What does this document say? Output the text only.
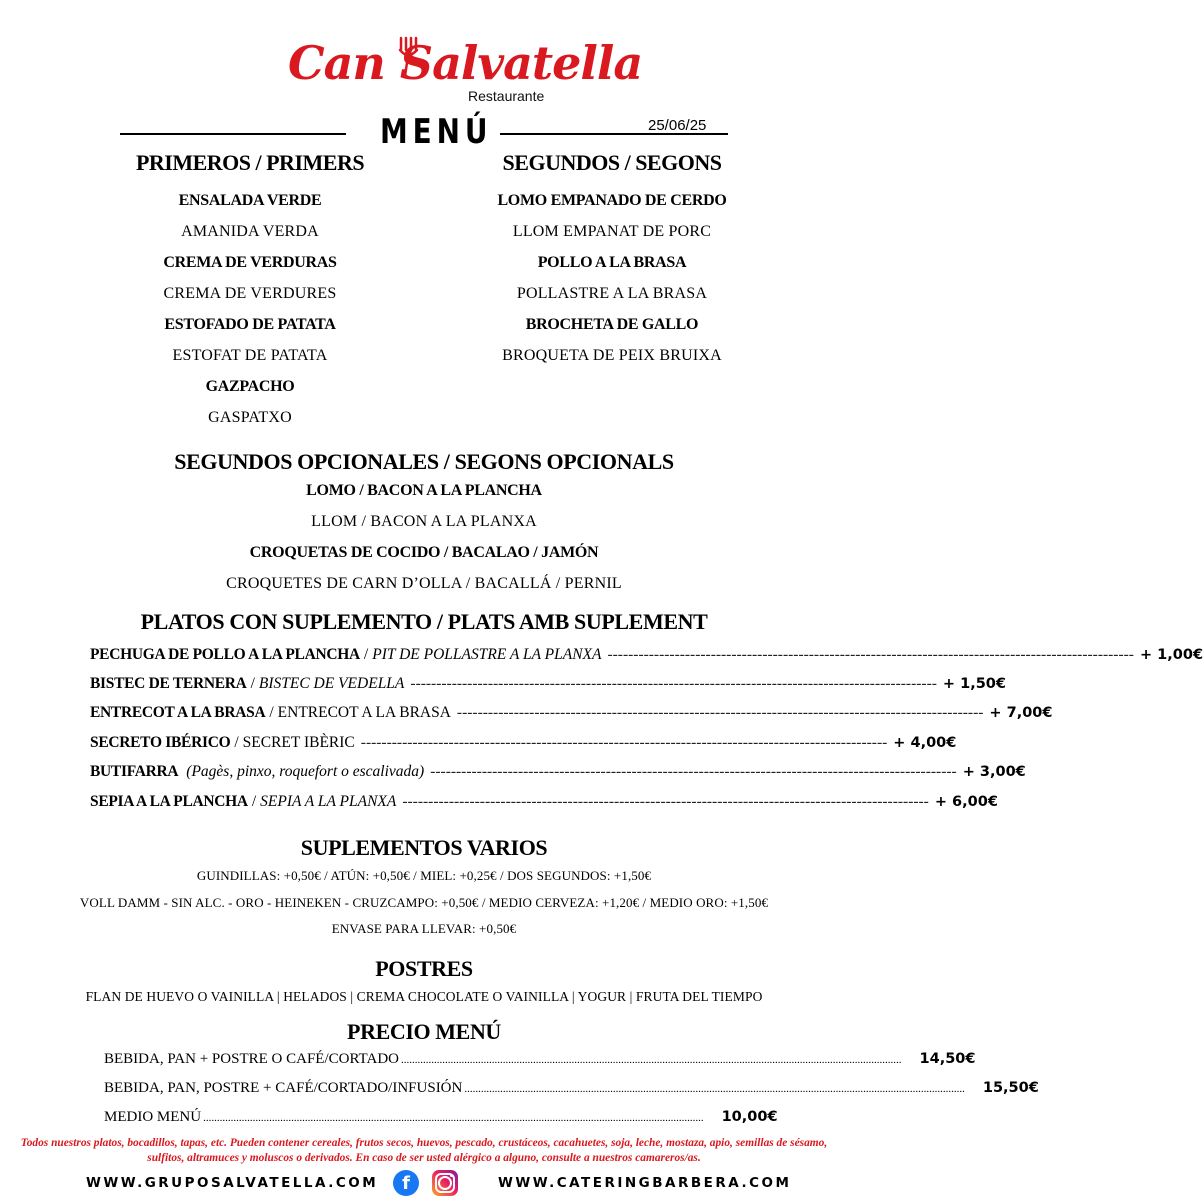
Can Salvatella
Restaurante
MENÚ	25/06/25
PRIMEROS / PRIMERS
ENSALADA VERDE
AMANIDA VERDA
CREMA DE VERDURAS
CREMA DE VERDURES
ESTOFADO DE PATATA
ESTOFAT DE PATATA
GAZPACHO
GASPATXO
SEGUNDOS / SEGONS
LOMO EMPANADO DE CERDO
LLOM EMPANAT DE PORC
POLLO A LA BRASA
POLLASTRE A LA BRASA
BROCHETA DE GALLO
BROQUETA DE PEIX BRUIXA
SEGUNDOS OPCIONALES / SEGONS OPCIONALS
LOMO / BACON A LA PLANCHA
LLOM / BACON A LA PLANXA
CROQUETAS DE COCIDO / BACALAO / JAMÓN
CROQUETES DE CARN D’OLLA / BACALLÁ / PERNIL
PLATOS CON SUPLEMENTO / PLATS AMB SUPLEMENT
PECHUGA DE POLLO A LA PLANCHA / PIT DE POLLASTRE A LA PLANXA ------------------------------------------------------------------------------------------------------ + 1,00€
BISTEC DE TERNERA / BISTEC DE VEDELLA ------------------------------------------------------------------------------------------------------ + 1,50€
ENTRECOT A LA BRASA / ENTRECOT A LA BRASA ------------------------------------------------------------------------------------------------------ + 7,00€
SECRETO IBÉRICO / SECRET IBÈRIC ------------------------------------------------------------------------------------------------------ + 4,00€
BUTIFARRA (Pagès, pinxo, roquefort o escalivada) ------------------------------------------------------------------------------------------------------ + 3,00€
SEPIA A LA PLANCHA / SEPIA A LA PLANXA ------------------------------------------------------------------------------------------------------ + 6,00€
SUPLEMENTOS VARIOS
GUINDILLAS: +0,50€ / ATÚN: +0,50€ / MIEL: +0,25€ / DOS SEGUNDOS: +1,50€
VOLL DAMM - SIN ALC. - ORO - HEINEKEN - CRUZCAMPO: +0,50€ / MEDIO CERVEZA: +1,20€ / MEDIO ORO: +1,50€
ENVASE PARA LLEVAR: +0,50€
POSTRES
FLAN DE HUEVO O VAINILLA | HELADOS | CREMA CHOCOLATE O VAINILLA | YOGUR | FRUTA DEL TIEMPO
PRECIO MENÚ
BEBIDA, PAN + POSTRE O CAFÉ/CORTADO ...................................................................................................................................................................................... 14,50€
BEBIDA, PAN, POSTRE + CAFÉ/CORTADO/INFUSIÓN ...................................................................................................................................................................................... 15,50€
MEDIO MENÚ ...................................................................................................................................................................................... 10,00€
Todos nuestros platos, bocadillos, tapas, etc. Pueden contener cereales, frutos secos, huevos, pescado, crustáceos, cacahuetes, soja, leche, mostaza, apio, semillas de sésamo, sulfitos, altramuces y moluscos o derivados. En caso de ser usted alérgico a alguno, consulte a nuestros camareros/as.
WWW.GRUPOSALVATELLA.COM	f	WWW.CATERINGBARBERA.COM
